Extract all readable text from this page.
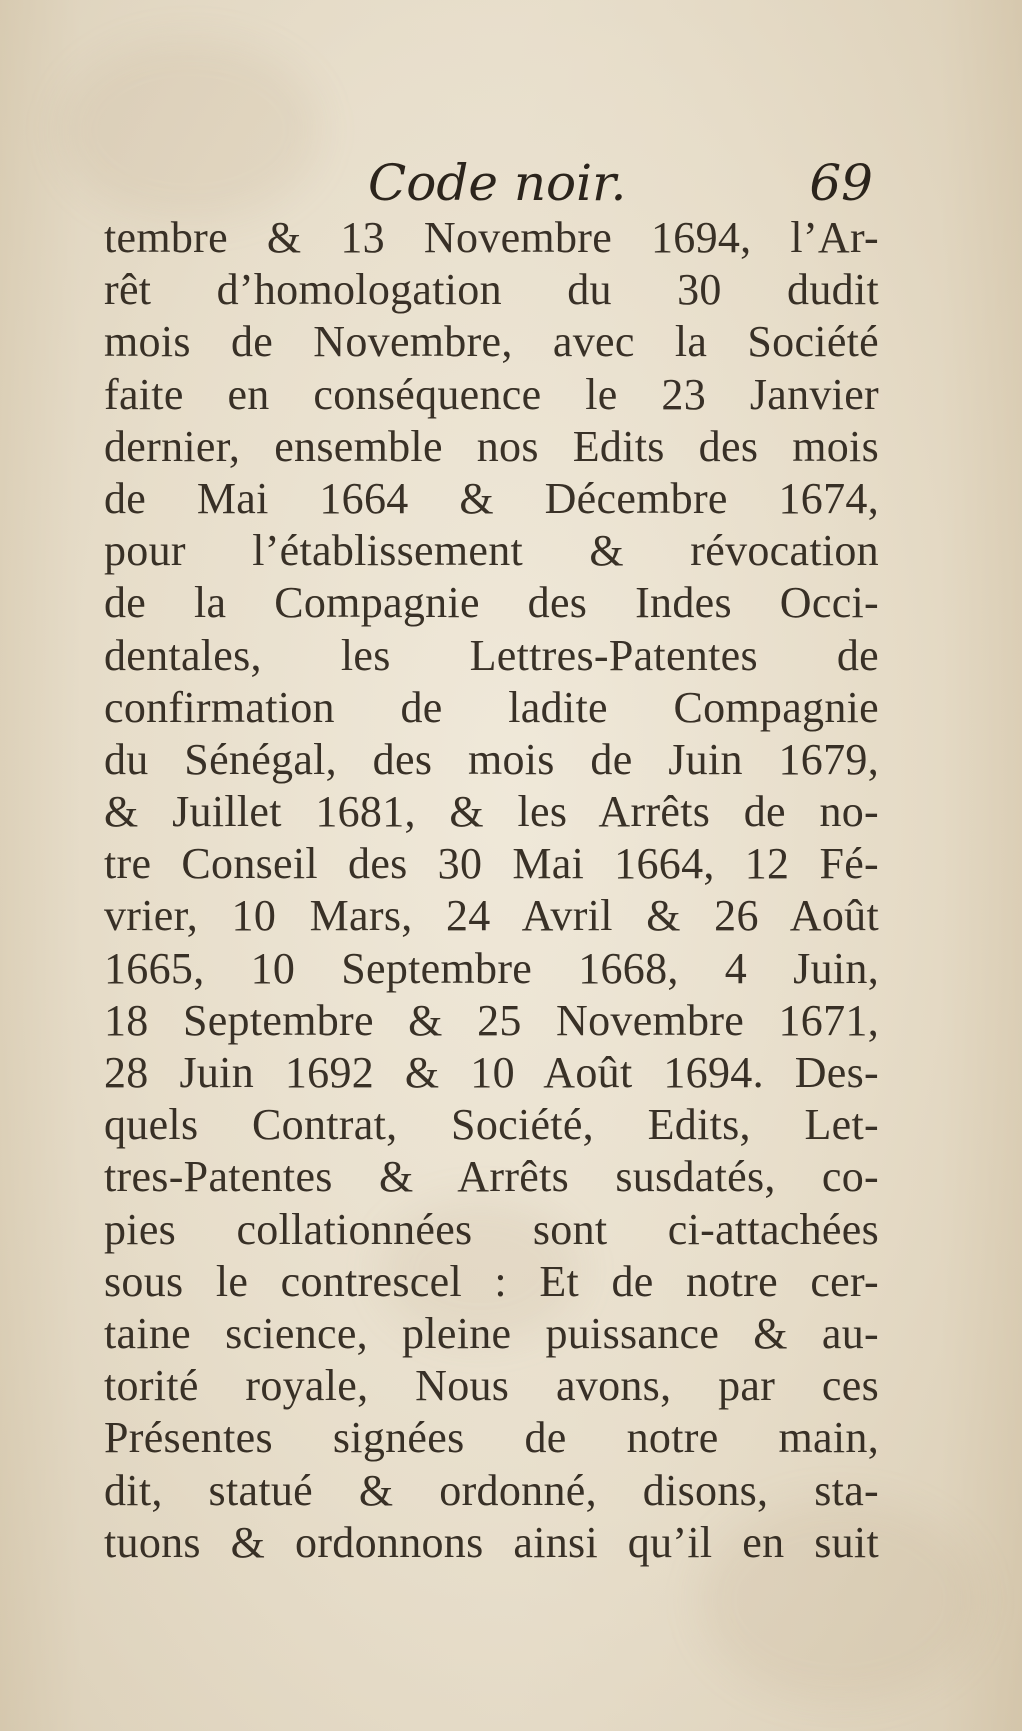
Code noir.	69
tembre & 13 Novembre 1694, l’Ar-
rêt d’homologation du 30 dudit
mois de Novembre, avec la Société
faite en conséquence le 23 Janvier
dernier, ensemble nos Edits des mois
de Mai 1664 & Décembre 1674,
pour l’établissement & révocation
de la Compagnie des Indes Occi-
dentales, les Lettres-Patentes de
confirmation de ladite Compagnie
du Sénégal, des mois de Juin 1679,
& Juillet 1681, & les Arrêts de no-
tre Conseil des 30 Mai 1664, 12 Fé-
vrier, 10 Mars, 24 Avril & 26 Août
1665, 10 Septembre 1668, 4 Juin,
18 Septembre & 25 Novembre 1671,
28 Juin 1692 & 10 Août 1694. Des-
quels Contrat, Société, Edits, Let-
tres-Patentes & Arrêts susdatés, co-
pies collationnées sont ci-attachées
sous le contrescel : Et de notre cer-
taine science, pleine puissance & au-
torité royale, Nous avons, par ces
Présentes signées de notre main,
dit, statué & ordonné, disons, sta-
tuons & ordonnons ainsi qu’il en suit
